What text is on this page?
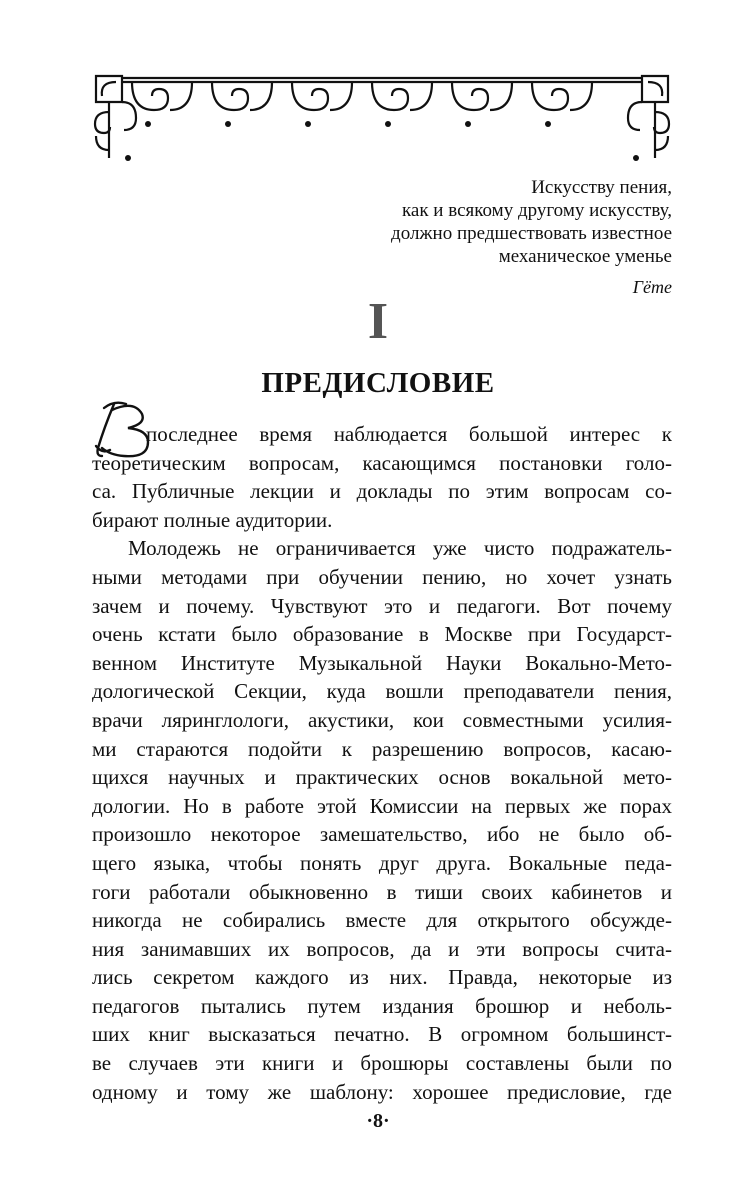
Искусству пения,
как и всякому другому искусству,
должно предшествовать известное
механическое уменье
Гёте
I
ПРЕДИСЛОВИЕ
последнее время наблюдается большой интерес к
теоретическим вопросам, касающимся постановки голо-
са. Публичные лекции и доклады по этим вопросам со-
бирают полные аудитории.
Молодежь не ограничивается уже чисто подражатель-
ными методами при обучении пению, но хочет узнать
зачем и почему. Чувствуют это и педагоги. Вот почему
очень кстати было образование в Москве при Государст-
венном Институте Музыкальной Науки Вокально-Мето-
дологической Секции, куда вошли преподаватели пения,
врачи ляринглологи, акустики, кои совместными усилия-
ми стараются подойти к разрешению вопросов, касаю-
щихся научных и практических основ вокальной мето-
дологии. Но в работе этой Комиссии на первых же порах
произошло некоторое замешательство, ибо не было об-
щего языка, чтобы понять друг друга. Вокальные педа-
гоги работали обыкновенно в тиши своих кабинетов и
никогда не собирались вместе для открытого обсужде-
ния занимавших их вопросов, да и эти вопросы счита-
лись секретом каждого из них. Правда, некоторые из
педагогов пытались путем издания брошюр и неболь-
ших книг высказаться печатно. В огромном большинст-
ве случаев эти книги и брошюры составлены были по
одному и тому же шаблону: хорошее предисловие, где
·8·
